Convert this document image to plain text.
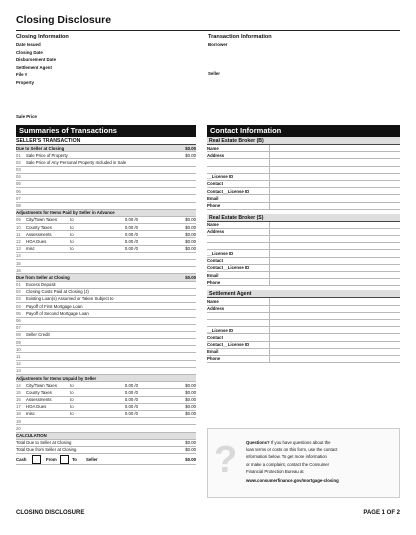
Closing Disclosure
Closing Information
Date Issued
Closing Date
Disbursement Date
Settlement Agent
File #
Property
Sale Price
Transaction Information
Borrower
Seller
Summaries of Transactions
SELLER'S TRANSACTION
Due to Seller at Closing	$0.00
01	Sale Price of Property	$0.00
02	Sale Price of Any Personal Property Included in Sale
03
04
05
06
07
08
Adjustments for Items Paid by Seller in Advance
09	City/Town Taxes	to	0.00 /0	$0.00
10	County Taxes	to	0.00 /0	$0.00
11	Assessments	to	0.00 /0	$0.00
12	HOA Dues	to	0.00 /0	$0.00
13	misc	to	0.00 /0	$0.00
14
15
16
Due from Seller at Closing	$0.00
01	Excess Deposit
02	Closing Costs Paid at Closing (J)
03	Existing Loan(s) Assumed or Taken Subject to
04	Payoff of First Mortgage Loan
05	Payoff of Second Mortgage Loan
06
07
08	Seller Credit
09
10
11
12
13
Adjustments for Items Unpaid by Seller
14	City/Town Taxes	to	0.00 /0	$0.00
15	County Taxes	to	0.00 /0	$0.00
16	Assessments	to	0.00 /0	$0.00
17	HOA Dues	to	0.00 /0	$0.00
18	misc	to	0.00 /0	$0.00
19
20
CALCULATION
Total Due to Seller at Closing	$0.00
Total Due from Seller at Closing	$0.00
Cash	From	To	Seller	$0.00
Contact Information
Real Estate Broker (B)
Name
Address
__License ID
Contact
Contact__License ID
Email
Phone
Real Estate Broker (S)
Name
Address
__License ID
Contact
Contact__License ID
Email
Phone
Settlement Agent
Name
Address
__License ID
Contact
Contact__License ID
Email
Phone
? Questions? If you have questions about the
loan terms or costs on this form, use the contact
information below. To get more information
or make a complaint, contact the Consumer
Financial Protection Bureau at
www.consumerfinance.gov/mortgage-closing
CLOSING DISCLOSURE	PAGE 1 OF 2
